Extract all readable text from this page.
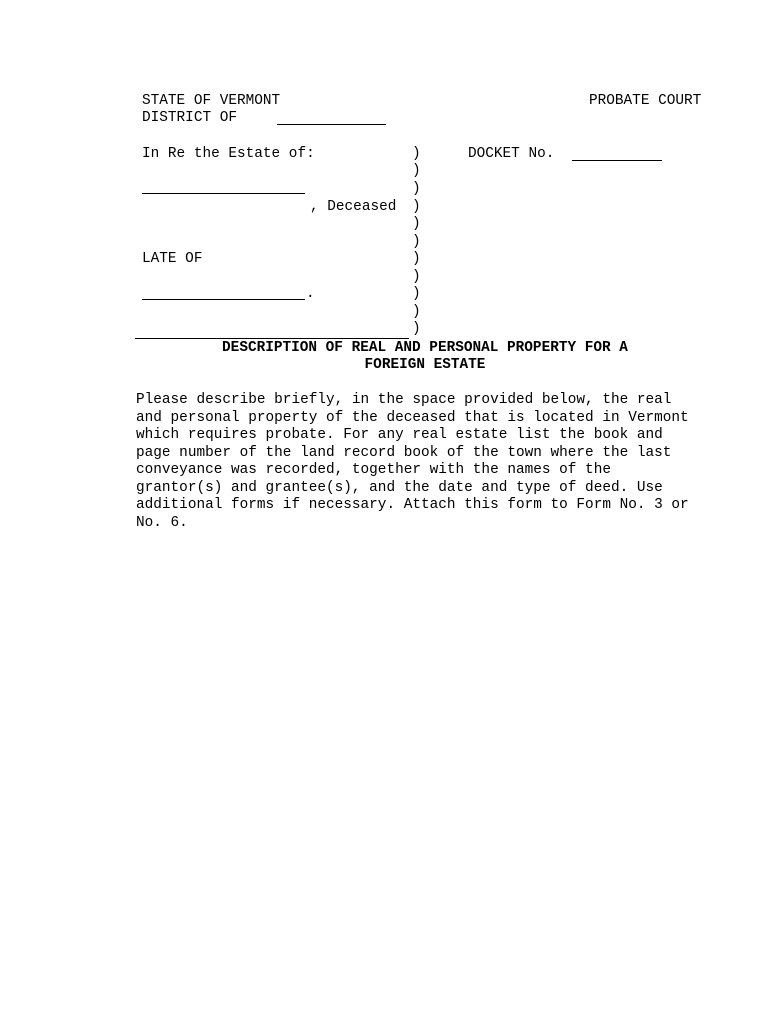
STATE OF VERMONT	PROBATE COURT
DISTRICT OF
In Re the Estate of:
, Deceased
LATE OF
.
)
)
)
)
)
)
)
)
)
)
)
DOCKET No.
DESCRIPTION OF REAL AND PERSONAL PROPERTY FOR A
FOREIGN ESTATE
Please describe briefly, in the space provided below, the real
and personal property of the deceased that is located in Vermont
which requires probate. For any real estate list the book and
page number of the land record book of the town where the last
conveyance was recorded, together with the names of the
grantor(s) and grantee(s), and the date and type of deed. Use
additional forms if necessary. Attach this form to Form No. 3 or
No. 6.
